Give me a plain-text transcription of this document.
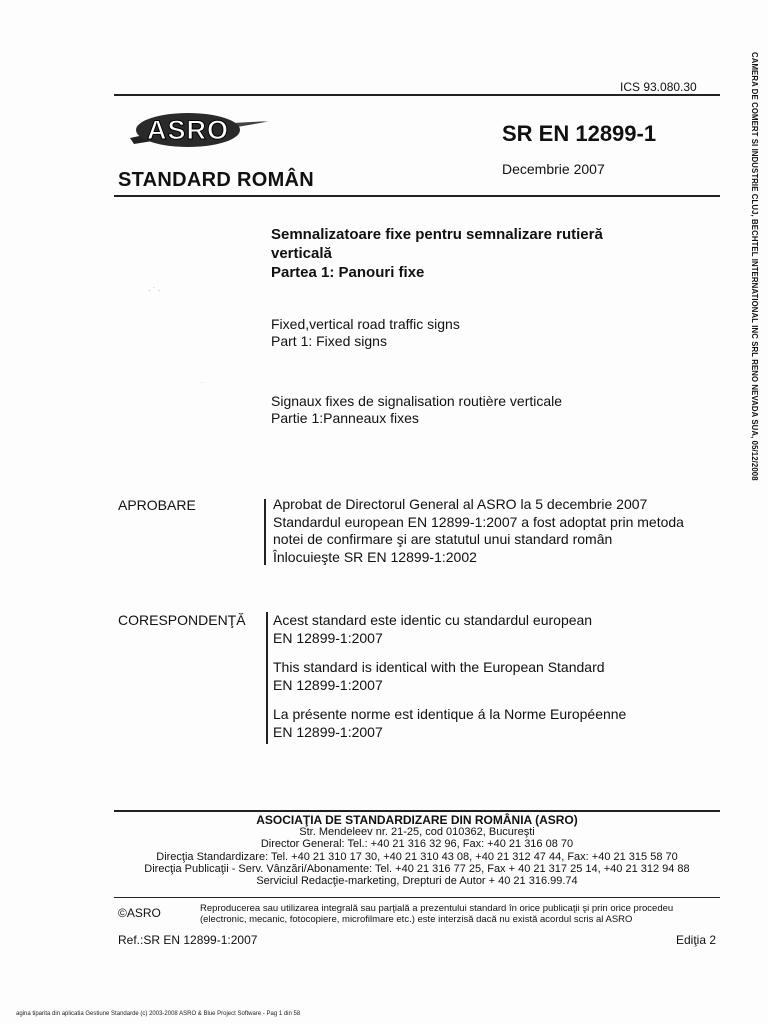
ICS 93.080.30
ASRO	SR EN 12899-1
Decembrie 2007
STANDARD ROMÂN
Semnalizatoare fixe pentru semnalizare rutieră
verticală
Partea 1: Panouri fixe
· ˙ ·
· ·
Fixed,vertical road traffic signs
Part 1: Fixed signs
Signaux fixes de signalisation routière verticale
Partie 1:Panneaux fixes
APROBARE	Aprobat de Directorul General al ASRO la 5 decembrie 2007

Standardul european EN 12899-1:2007 a fost adoptat prin metoda

notei de confirmare şi are statutul unui standard român

Înlocuieşte SR EN 12899-1:2002

CORESPONDENŢĂ Acest standard este identic cu standardul european
EN 12899-1:2007

This standard is identical with the European Standard
EN 12899-1:2007

La présente norme est identique á la Norme Européenne
EN 12899-1:2007

ASOCIAŢIA DE STANDARDIZARE DIN ROMÂNIA (ASRO)
Str. Mendeleev nr. 21-25, cod 010362, Bucureşti
Director General: Tel.: +40 21 316 32 96, Fax: +40 21 316 08 70
Direcţia Standardizare: Tel. +40 21 310 17 30, +40 21 310 43 08, +40 21 312 47 44, Fax: +40 21 315 58 70
Direcţia Publicaţii - Serv. Vânzări/Abonamente: Tel. +40 21 316 77 25, Fax + 40 21 317 25 14, +40 21 312 94 88
Serviciul Redacţie-marketing, Drepturi de Autor + 40 21 316.99.74
©ASRO	Reproducerea sau utilizarea integrală sau parţială a prezentului standard în orice publicaţii şi prin orice procedeu
(electronic, mecanic, fotocopiere, microfilmare etc.) este interzisă dacă nu există acordul scris al ASRO
Ref.:SR EN 12899-1:2007	Ediţia 2
agina tiparita din aplicatia Gestiune Standarde (c) 2003-2008 ASRO & Blue Project Software - Pag 1 din 58
CAMERA DE COMERT SI INDUSTRIE CLUJ, BECHTEL INTERNATIONAL INC SRL RENO NEVADA SUA, 05/12/2008
